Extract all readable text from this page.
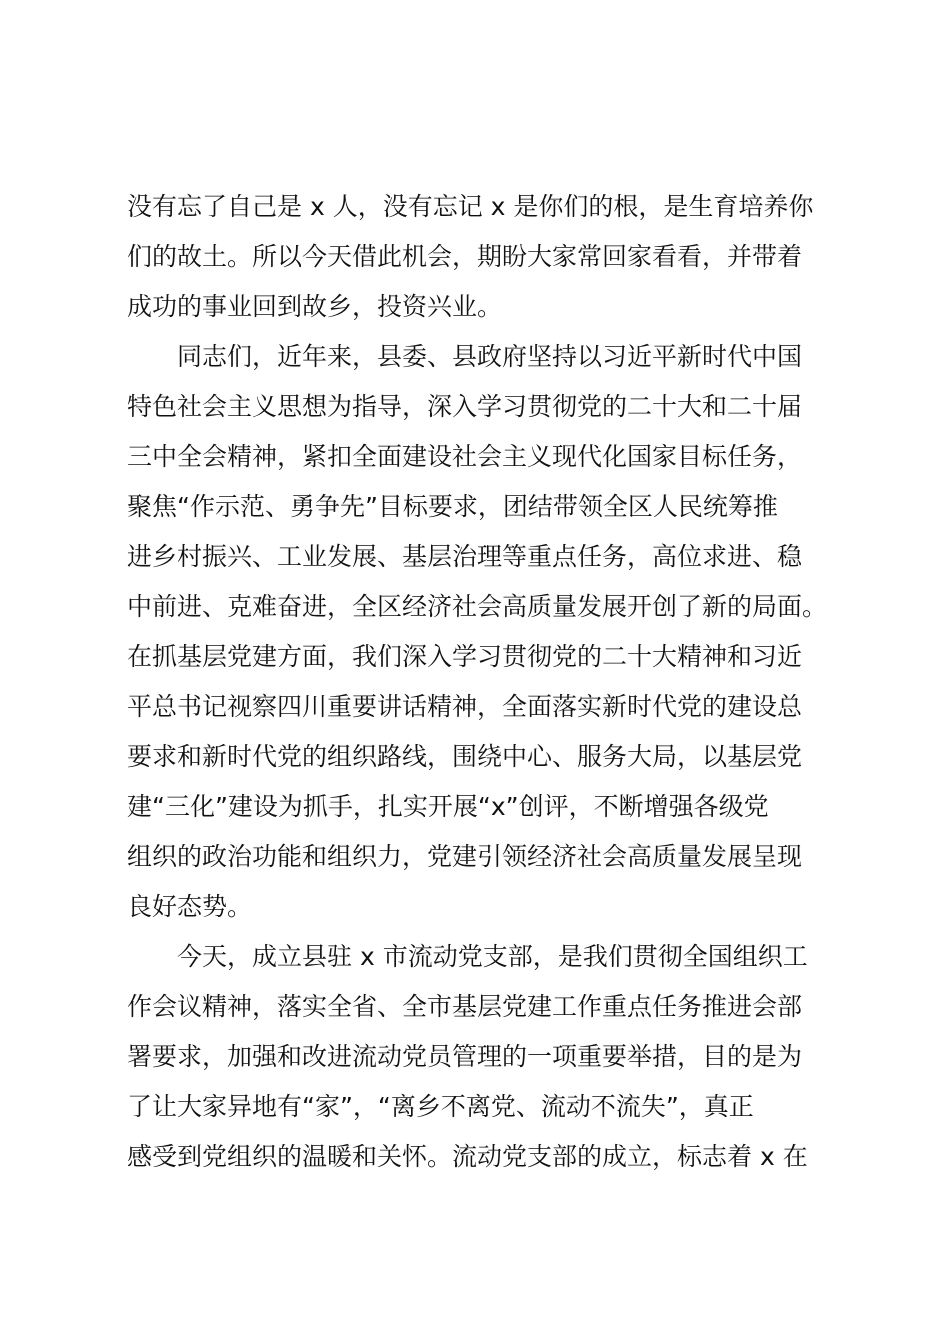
没有忘了自己是 x 人，没有忘记 x 是你们的根，是生育培养你
们的故土。所以今天借此机会，期盼大家常回家看看，并带着
成功的事业回到故乡，投资兴业。
　　同志们，近年来，县委、县政府坚持以习近平新时代中国
特色社会主义思想为指导，深入学习贯彻党的二十大和二十届
三中全会精神，紧扣全面建设社会主义现代化国家目标任务，
聚焦“作示范、勇争先”目标要求，团结带领全区人民统筹推
进乡村振兴、工业发展、基层治理等重点任务，高位求进、稳
中前进、克难奋进，全区经济社会高质量发展开创了新的局面。
在抓基层党建方面，我们深入学习贯彻党的二十大精神和习近
平总书记视察四川重要讲话精神，全面落实新时代党的建设总
要求和新时代党的组织路线，围绕中心、服务大局，以基层党
建“三化”建设为抓手，扎实开展“x”创评，不断增强各级党
组织的政治功能和组织力，党建引领经济社会高质量发展呈现
良好态势。
　　今天，成立县驻 x 市流动党支部，是我们贯彻全国组织工
作会议精神，落实全省、全市基层党建工作重点任务推进会部
署要求，加强和改进流动党员管理的一项重要举措，目的是为
了让大家异地有“家”，“离乡不离党、流动不流失”，真正
感受到党组织的温暖和关怀。流动党支部的成立，标志着 x 在
